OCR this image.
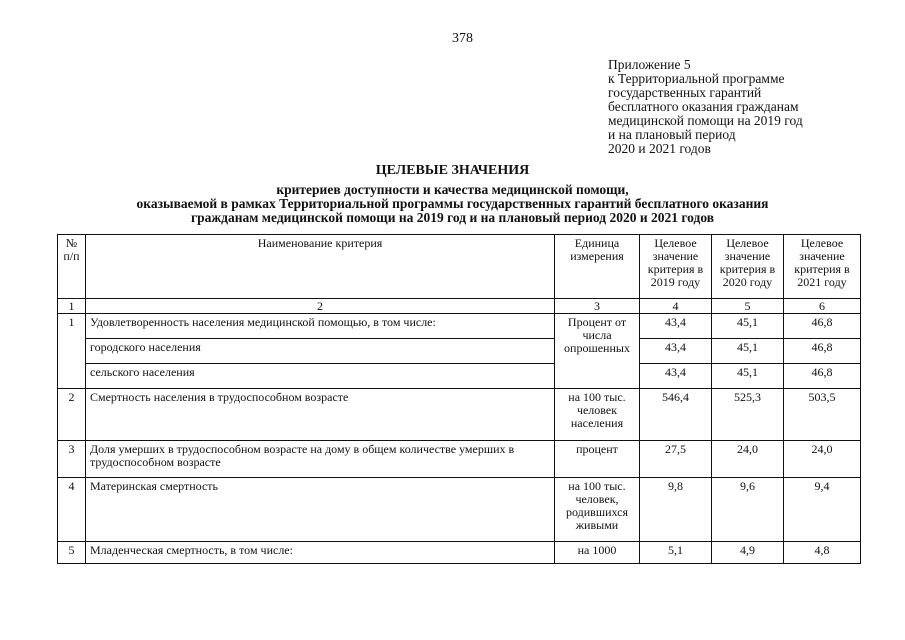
378
Приложение 5
к Территориальной программе
государственных гарантий
бесплатного оказания гражданам
медицинской помощи на 2019 год
и на плановый период
2020 и 2021 годов
ЦЕЛЕВЫЕ ЗНАЧЕНИЯ
критериев доступности и качества медицинской помощи,
оказываемой в рамках Территориальной программы государственных гарантий бесплатного оказания
гражданам медицинской помощи на 2019 год и на плановый период 2020 и 2021 годов
№ п/п	Наименование критерия	Единица измерения	Целевое значение критерия в 2019 году	Целевое значение критерия в 2020 году	Целевое значение критерия в 2021 году
1	2	3	4	5	6
1	Удовлетворенность населения медицинской помощью, в том числе:	Процент от числа опрошенных	43,4	45,1	46,8
	городского населения		43,4	45,1	46,8
	сельского населения		43,4	45,1	46,8
2	Смертность населения в трудоспособном возрасте	на 100 тыс. человек населения	546,4	525,3	503,5
3	Доля умерших в трудоспособном возрасте на дому в общем количестве умерших в трудоспособном возрасте	процент	27,5	24,0	24,0
4	Материнская смертность	на 100 тыс. человек, родившихся живыми	9,8	9,6	9,4
5	Младенческая смертность, в том числе:	на 1000	5,1	4,9	4,8
